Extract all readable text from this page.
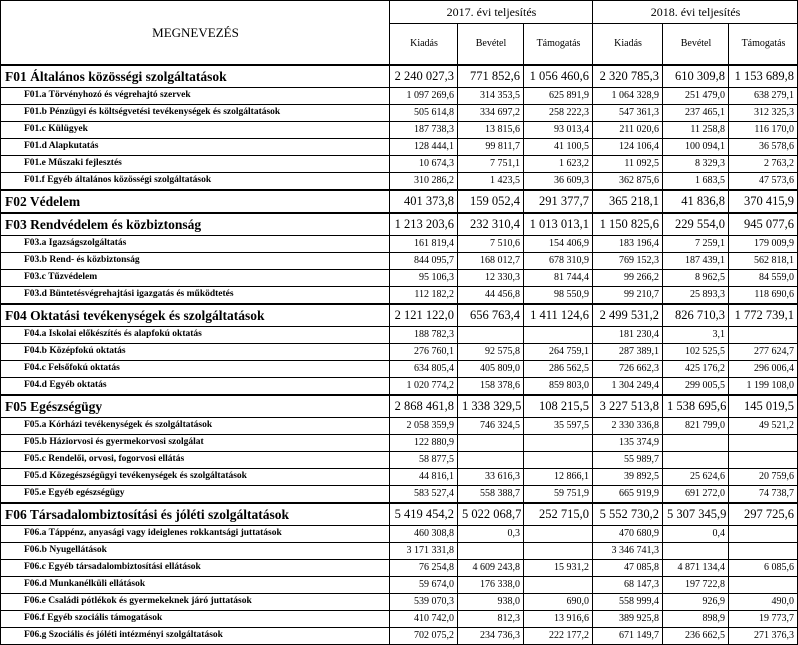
MEGNEVEZÉS	2017. évi teljesítés			2018. évi teljesítés		
	Kiadás	Bevétel	Támogatás	Kiadás	Bevétel	Támogatás
F01 Általános közösségi szolgáltatások	2 240 027,3	771 852,6	1 056 460,6	2 320 785,3	610 309,8	1 153 689,8
F01.a Törvényhozó és végrehajtó szervek	1 097 269,6	314 353,5	625 891,9	1 064 328,9	251 479,0	638 279,1
F01.b Pénzügyi és költségvetési tevékenységek és szolgáltatások	505 614,8	334 697,2	258 222,3	547 361,3	237 465,1	312 325,3
F01.c Külügyek	187 738,3	13 815,6	93 013,4	211 020,6	11 258,8	116 170,0
F01.d Alapkutatás	128 444,1	99 811,7	41 100,5	124 106,4	100 094,1	36 578,6
F01.e Műszaki fejlesztés	10 674,3	7 751,1	1 623,2	11 092,5	8 329,3	2 763,2
F01.f Egyéb általános közösségi szolgáltatások	310 286,2	1 423,5	36 609,3	362 875,6	1 683,5	47 573,6
F02 Védelem	401 373,8	159 052,4	291 377,7	365 218,1	41 836,8	370 415,9
F03 Rendvédelem és közbiztonság	1 213 203,6	232 310,4	1 013 013,1	1 150 825,6	229 554,0	945 077,6
F03.a Igazságszolgáltatás	161 819,4	7 510,6	154 406,9	183 196,4	7 259,1	179 009,9
F03.b Rend- és közbiztonság	844 095,7	168 012,7	678 310,9	769 152,3	187 439,1	562 818,1
F03.c Tűzvédelem	95 106,3	12 330,3	81 744,4	99 266,2	8 962,5	84 559,0
F03.d Büntetésvégrehajtási igazgatás és működtetés	112 182,2	44 456,8	98 550,9	99 210,7	25 893,3	118 690,6
F04 Oktatási tevékenységek és szolgáltatások	2 121 122,0	656 763,4	1 411 124,6	2 499 531,2	826 710,3	1 772 739,1
F04.a Iskolai előkészítés és alapfokú oktatás	188 782,3			181 230,4	3,1	
F04.b Középfokú oktatás	276 760,1	92 575,8	264 759,1	287 389,1	102 525,5	277 624,7
F04.c Felsőfokú oktatás	634 805,4	405 809,0	286 562,5	726 662,3	425 176,2	296 006,4
F04.d Egyéb oktatás	1 020 774,2	158 378,6	859 803,0	1 304 249,4	299 005,5	1 199 108,0
F05 Egészségügy	2 868 461,8	1 338 329,5	108 215,5	3 227 513,8	1 538 695,6	145 019,5
F05.a Kórházi tevékenységek és szolgáltatások	2 058 359,9	746 324,5	35 597,5	2 330 336,8	821 799,0	49 521,2
F05.b Háziorvosi és gyermekorvosi szolgálat	122 880,9			135 374,9		
F05.c Rendelői, orvosi, fogorvosi ellátás	58 877,5			55 989,7		
F05.d Közegészségügyi tevékenységek és szolgáltatások	44 816,1	33 616,3	12 866,1	39 892,5	25 624,6	20 759,6
F05.e Egyéb egészségügy	583 527,4	558 388,7	59 751,9	665 919,9	691 272,0	74 738,7
F06 Társadalombiztosítási és jóléti szolgáltatások	5 419 454,2	5 022 068,7	252 715,0	5 552 730,2	5 307 345,9	297 725,6
F06.a Táppénz, anyasági vagy ideiglenes rokkantsági juttatások	460 308,8	0,3		470 680,9	0,4	
F06.b Nyugellátások	3 171 331,8			3 346 741,3		
F06.c Egyéb társadalombiztosítási ellátások	76 254,8	4 609 243,8	15 931,2	47 085,8	4 871 134,4	6 085,6
F06.d Munkanélküli ellátások	59 674,0	176 338,0		68 147,3	197 722,8	
F06.e Családi pótlékok és gyermekeknek járó juttatások	539 070,3	938,0	690,0	558 999,4	926,9	490,0
F06.f Egyéb szociális támogatások	410 742,0	812,3	13 916,6	389 925,8	898,9	19 773,7
F06.g Szociális és jóléti intézményi szolgáltatások	702 075,2	234 736,3	222 177,2	671 149,7	236 662,5	271 376,3
